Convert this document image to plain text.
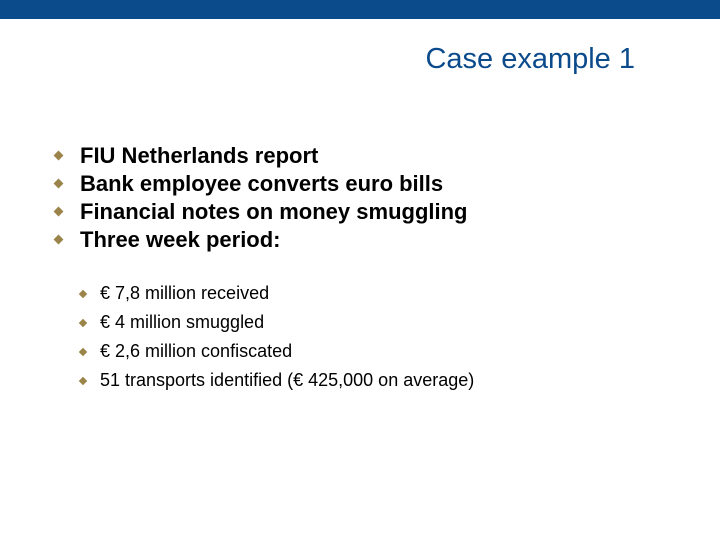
Case example 1
FIU Netherlands report
Bank employee converts euro bills
Financial notes on money smuggling
Three week period:
€ 7,8 million received
€ 4 million smuggled
€ 2,6 million confiscated
51 transports identified (€ 425,000 on average)
